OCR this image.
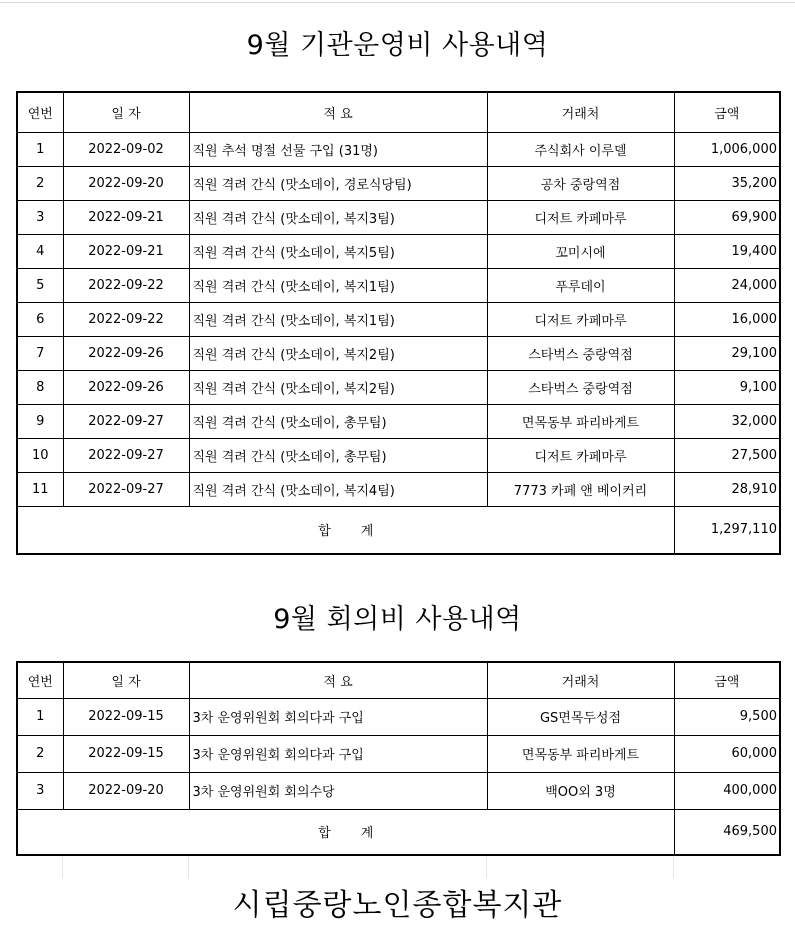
9월 기관운영비 사용내역
연번	일 자	적 요	거래처	금액
1	2022-09-02	직원 추석 명절 선물 구입 (31명)	주식회사 이루델	1,006,000
2	2022-09-20	직원 격려 간식 (맛소데이, 경로식당팀)	공차 중랑역점	35,200
3	2022-09-21	직원 격려 간식 (맛소데이, 복지3팀)	디저트 카페마루	69,900
4	2022-09-21	직원 격려 간식 (맛소데이, 복지5팀)	꼬미시에	19,400
5	2022-09-22	직원 격려 간식 (맛소데이, 복지1팀)	푸루데이	24,000
6	2022-09-22	직원 격려 간식 (맛소데이, 복지1팀)	디저트 카페마루	16,000
7	2022-09-26	직원 격려 간식 (맛소데이, 복지2팀)	스타벅스 중랑역점	29,100
8	2022-09-26	직원 격려 간식 (맛소데이, 복지2팀)	스타벅스 중랑역점	9,100
9	2022-09-27	직원 격려 간식 (맛소데이, 총무팀)	면목동부 파리바게트	32,000
10	2022-09-27	직원 격려 간식 (맛소데이, 총무팀)	디저트 카페마루	27,500
11	2022-09-27	직원 격려 간식 (맛소데이, 복지4팀)	7773 카페 앤 베이커리	28,910
합 계				1,297,110
9월 회의비 사용내역
연번	일 자	적 요	거래처	금액
1	2022-09-15	3차 운영위원회 회의다과 구입	GS면목두성점	9,500
2	2022-09-15	3차 운영위원회 회의다과 구입	면목동부 파리바게트	60,000
3	2022-09-20	3차 운영위원회 회의수당	백OO외 3명	400,000
합 계				469,500
시립중랑노인종합복지관
